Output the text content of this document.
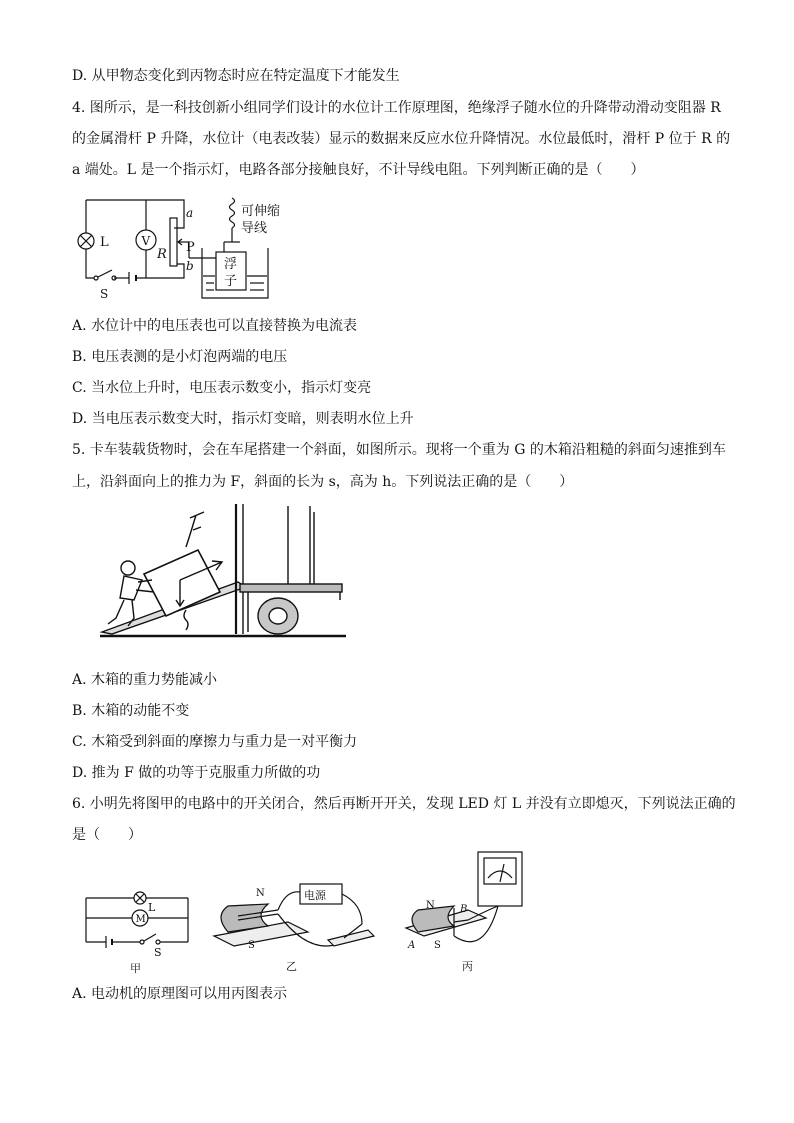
D. 从甲物态变化到丙物态时应在特定温度下才能发生
4. 图所示，是一科技创新小组同学们设计的水位计工作原理图，绝缘浮子随水位的升降带动滑动变阻器 R
的金属滑杆 P 升降，水位计（电表改装）显示的数据来反应水位升降情况。水位最低时，滑杆 P 位于 R 的
a 端处。L 是一个指示灯，电路各部分接触良好，不计导线电阻。下列判断正确的是（　　）
L	V
R
a
P
b
S
可伸缩
导线
浮
子
A. 水位计中的电压表也可以直接替换为电流表
B. 电压表测的是小灯泡两端的电压
C. 当水位上升时，电压表示数变小，指示灯变亮
D. 当电压表示数变大时，指示灯变暗，则表明水位上升
5. 卡车装载货物时，会在车尾搭建一个斜面，如图所示。现将一个重为 G 的木箱沿粗糙的斜面匀速推到车
上，沿斜面向上的推力为 F，斜面的长为 s，高为 h。下列说法正确的是（　　）
A. 木箱的重力势能减小
B. 木箱的动能不变
C. 木箱受到斜面的摩擦力与重力是一对平衡力
D. 推为 F 做的功等于克服重力所做的功
6. 小明先将图甲的电路中的开关闭合，然后再断开开关，发现 LED 灯 L 并没有立即熄灭，下列说法正确的
是（　　）
L
M
S
甲
电源
N
S
乙
N
S
A
B
丙
A. 电动机的原理图可以用丙图表示
